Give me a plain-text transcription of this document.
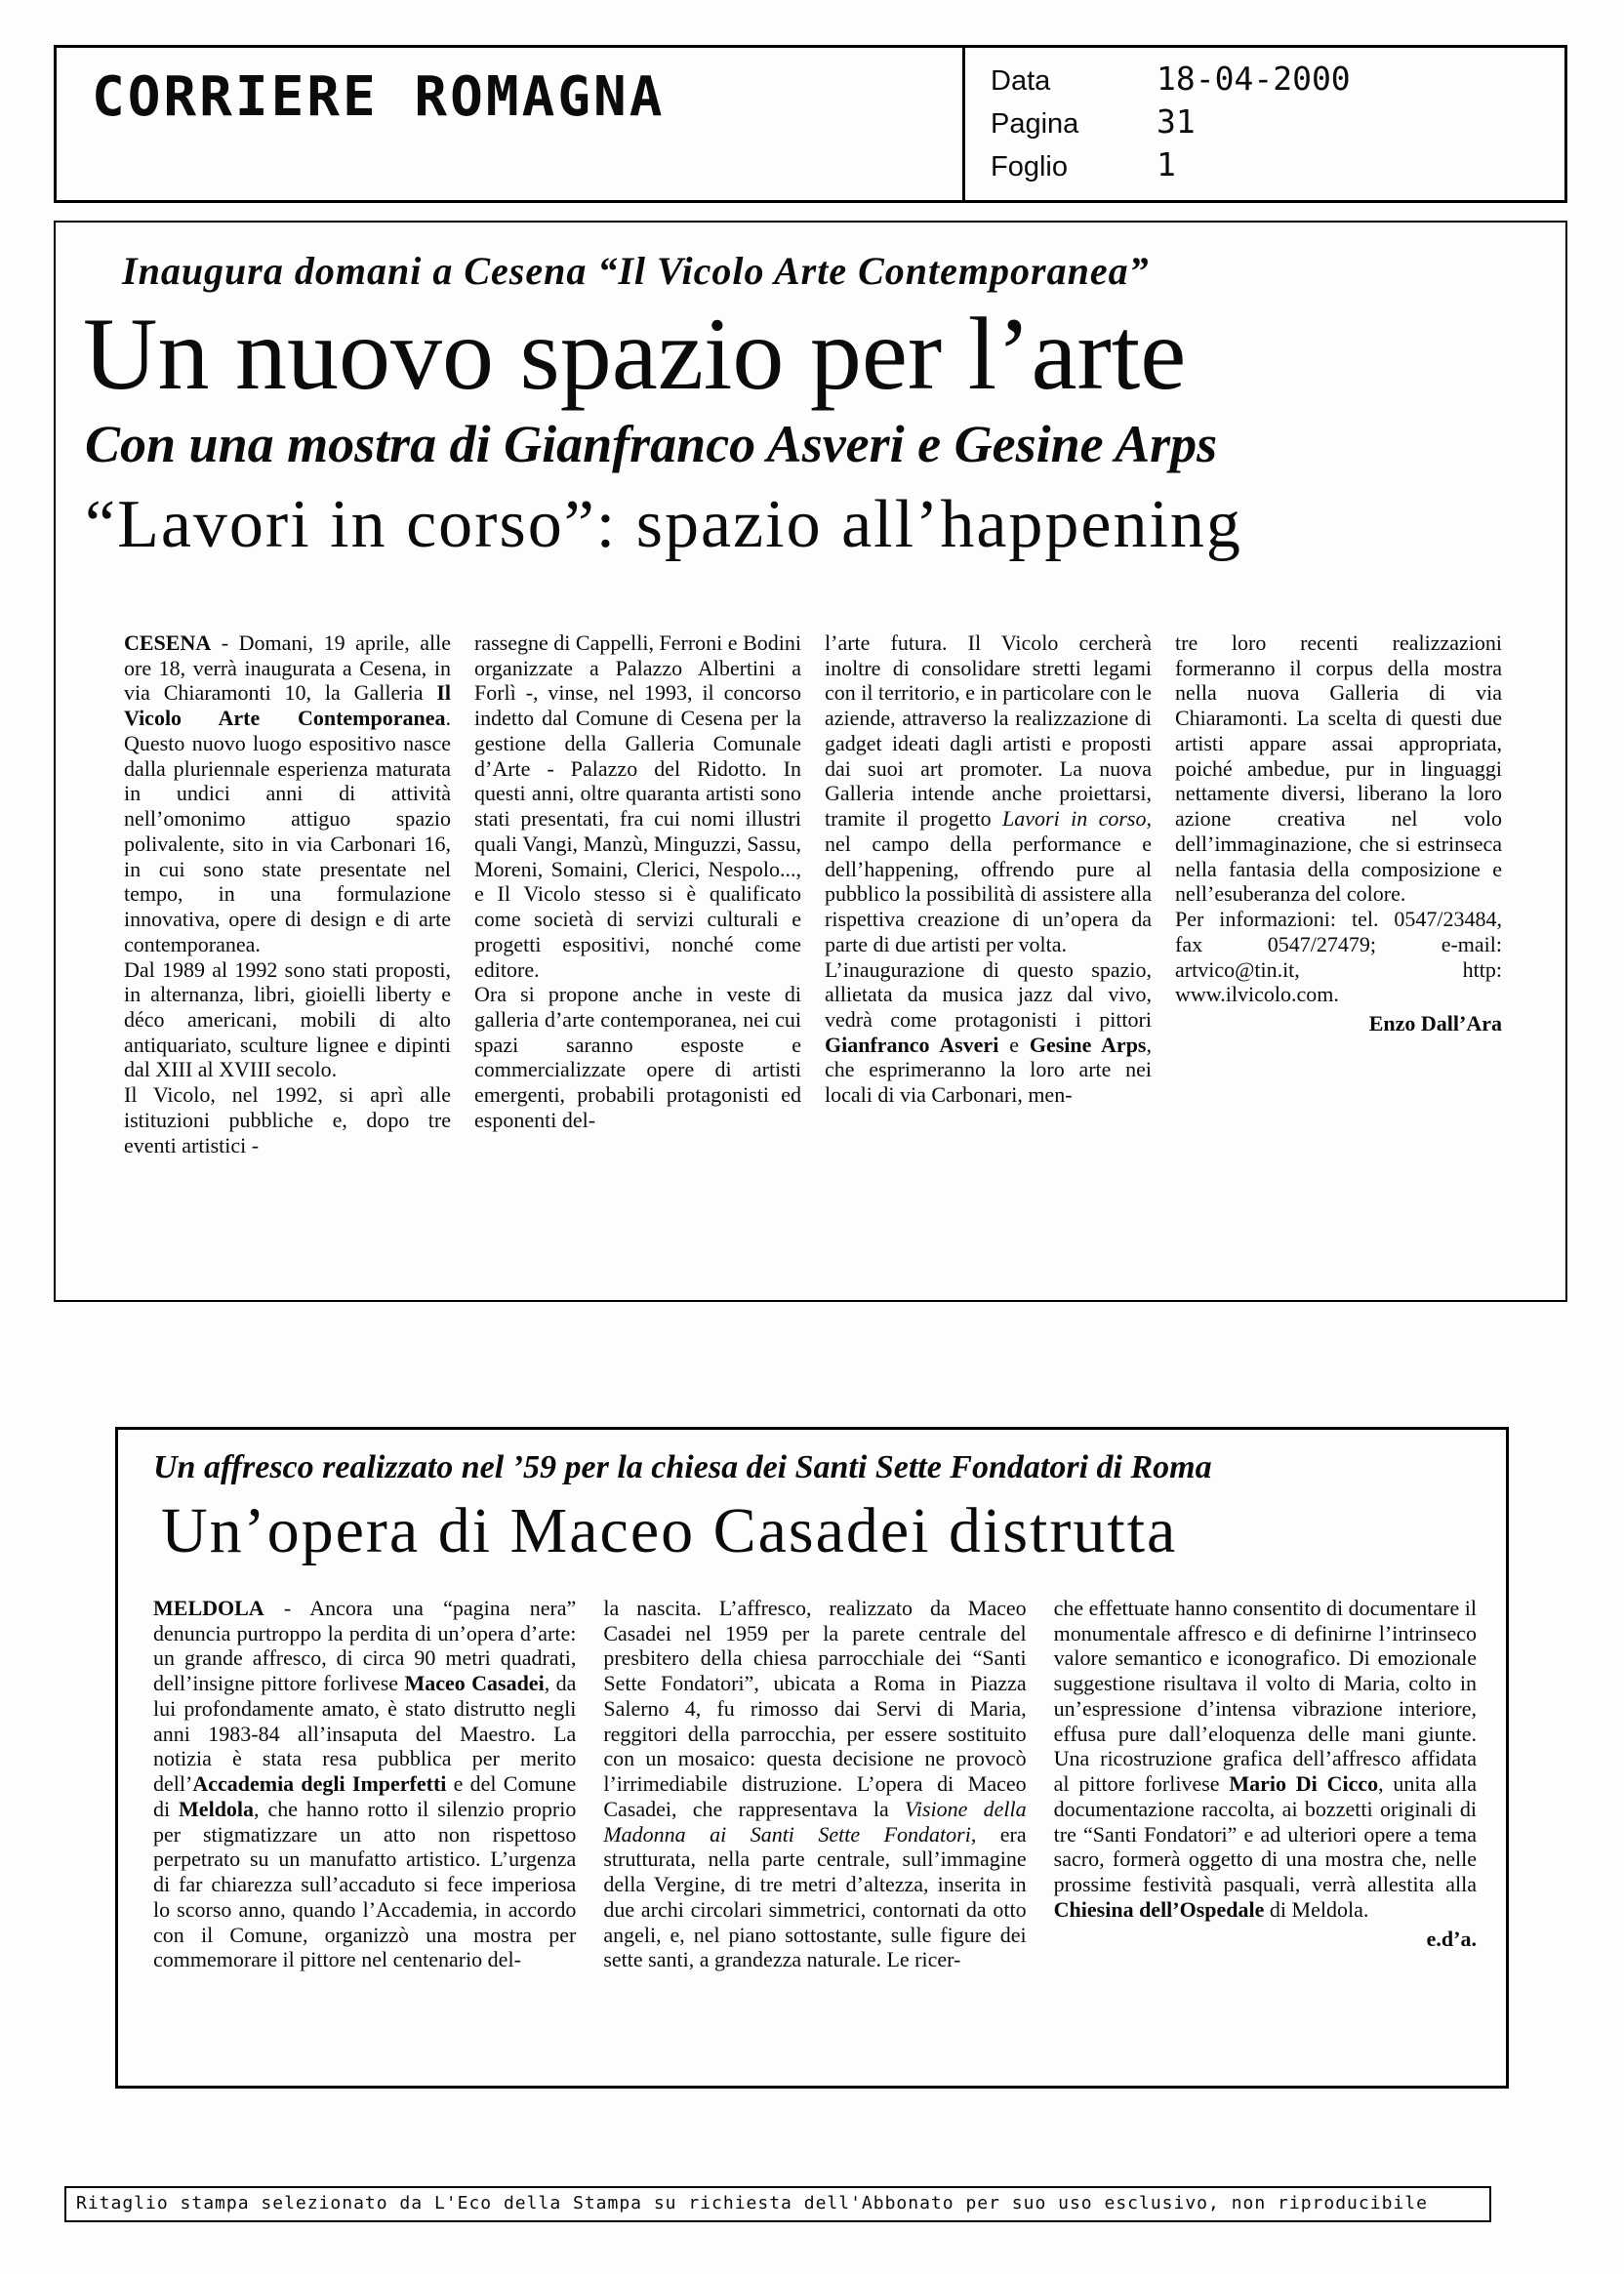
CORRIERE ROMAGNA	Data	18-04-2000
Pagina	31
Foglio	1
Inaugura domani a Cesena “Il Vicolo Arte Contemporanea”
Un nuovo spazio per l’arte
Con una mostra di Gianfranco Asveri e Gesine Arps
“Lavori in corso”: spazio all’happening

CESENA - Domani, 19 aprile, alle ore 18, verrà inaugurata a Cesena, in via Chiaramonti 10, la Galleria Il Vicolo Arte Contemporanea. Questo nuovo luogo espositivo nasce dalla pluriennale esperienza maturata in undici anni di attività nell’omonimo attiguo spazio polivalente, sito in via Carbonari 16, in cui sono state presentate nel tempo, in una formulazione innovativa, opere di design e di arte contemporanea.

Dal 1989 al 1992 sono stati proposti, in alternanza, libri, gioielli liberty e déco americani, mobili di alto antiquariato, sculture lignee e dipinti dal XIII al XVIII secolo.

Il Vicolo, nel 1992, si aprì alle istituzioni pubbliche e, dopo tre eventi artistici -

rassegne di Cappelli, Ferroni e Bodini organizzate a Palazzo Albertini a Forlì -, vinse, nel 1993, il concorso indetto dal Comune di Cesena per la gestione della Galleria Comunale d’Arte - Palazzo del Ridotto. In questi anni, oltre quaranta artisti sono stati presentati, fra cui nomi illustri quali Vangi, Manzù, Minguzzi, Sassu, Moreni, Somaini, Clerici, Nespolo..., e Il Vicolo stesso si è qualificato come società di servizi culturali e progetti espositivi, nonché come editore.

Ora si propone anche in veste di galleria d’arte contemporanea, nei cui spazi saranno esposte e commercializzate opere di artisti emergenti, probabili protagonisti ed esponenti del-

l’arte futura. Il Vicolo cercherà inoltre di consolidare stretti legami con il territorio, e in particolare con le aziende, attraverso la realizzazione di gadget ideati dagli artisti e proposti dai suoi art promoter. La nuova Galleria intende anche proiettarsi, tramite il progetto Lavori in corso, nel campo della performance e dell’happening, offrendo pure al pubblico la possibilità di assistere alla rispettiva creazione di un’opera da parte di due artisti per volta.

L’inaugurazione di questo spazio, allietata da musica jazz dal vivo, vedrà come protagonisti i pittori Gianfranco Asveri e Gesine Arps, che esprimeranno la loro arte nei locali di via Carbonari, men-

tre loro recenti realizzazioni formeranno il corpus della mostra nella nuova Galleria di via Chiaramonti. La scelta di questi due artisti appare assai appropriata, poiché ambedue, pur in linguaggi nettamente diversi, liberano la loro azione creativa nel volo dell’immaginazione, che si estrinseca nella fantasia della composizione e nell’esuberanza del colore.

Per informazioni: tel. 0547/23484, fax 0547/27479; e-mail: artvico@tin.it, http: www.ilvicolo.com.

Enzo Dall’Ara

Un affresco realizzato nel ’59 per la chiesa dei Santi Sette Fondatori di Roma
Un’opera di Maceo Casadei distrutta

MELDOLA - Ancora una “pagina nera” denuncia purtroppo la perdita di un’opera d’arte: un grande affresco, di circa 90 metri quadrati, dell’insigne pittore forlivese Maceo Casadei, da lui profondamente amato, è stato distrutto negli anni 1983-84 all’insaputa del Maestro. La notizia è stata resa pubblica per merito dell’Accademia degli Imperfetti e del Comune di Meldola, che hanno rotto il silenzio proprio per stigmatizzare un atto non rispettoso perpetrato su un manufatto artistico. L’urgenza di far chiarezza sull’accaduto si fece imperiosa lo scorso anno, quando l’Accademia, in accordo con il Comune, organizzò una mostra per commemorare il pittore nel centenario del-

la nascita. L’affresco, realizzato da Maceo Casadei nel 1959 per la parete centrale del presbitero della chiesa parrocchiale dei “Santi Sette Fondatori”, ubicata a Roma in Piazza Salerno 4, fu rimosso dai Servi di Maria, reggitori della parrocchia, per essere sostituito con un mosaico: questa decisione ne provocò l’irrimediabile distruzione. L’opera di Maceo Casadei, che rappresentava la Visione della Madonna ai Santi Sette Fondatori, era strutturata, nella parte centrale, sull’immagine della Vergine, di tre metri d’altezza, inserita in due archi circolari simmetrici, contornati da otto angeli, e, nel piano sottostante, sulle figure dei sette santi, a grandezza naturale. Le ricer-

che effettuate hanno consentito di documentare il monumentale affresco e di definirne l’intrinseco valore semantico e iconografico. Di emozionale suggestione risultava il volto di Maria, colto in un’espressione d’intensa vibrazione interiore, effusa pure dall’eloquenza delle mani giunte. Una ricostruzione grafica dell’affresco affidata al pittore forlivese Mario Di Cicco, unita alla documentazione raccolta, ai bozzetti originali di tre “Santi Fondatori” e ad ulteriori opere a tema sacro, formerà oggetto di una mostra che, nelle prossime festività pasquali, verrà allestita alla Chiesina dell’Ospedale di Meldola.

e.d’a.

Ritaglio stampa selezionato da L'Eco della Stampa su richiesta dell'Abbonato per suo uso esclusivo, non riproducibile
